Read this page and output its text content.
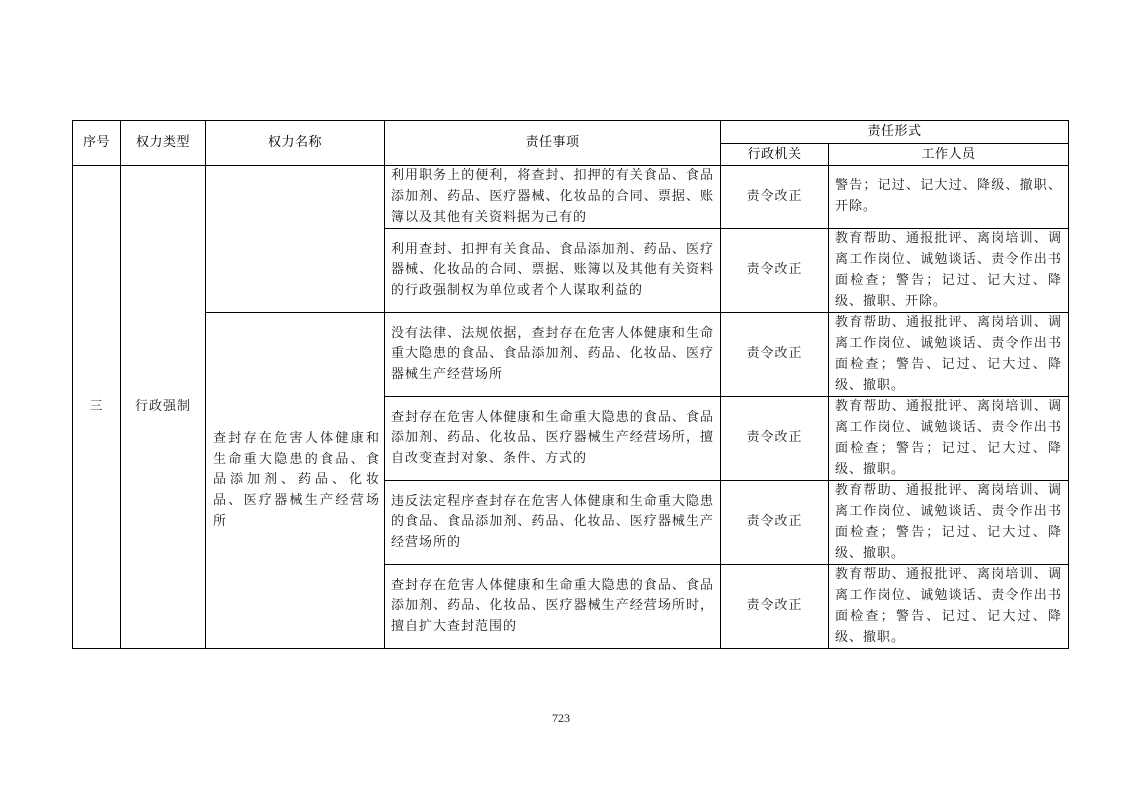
序号	权力类型	权力名称	责任事项	责任形式	
				行政机关	工作人员
三	行政强制		利用职务上的便利，将查封、扣押的有关食品、食品添加剂、药品、医疗器械、化妆品的合同、票据、账簿以及其他有关资料据为己有的	责令改正	警告；记过、记大过、降级、撤职、开除。
			利用查封、扣押有关食品、食品添加剂、药品、医疗器械、化妆品的合同、票据、账簿以及其他有关资料的行政强制权为单位或者个人谋取利益的	责令改正	教育帮助、通报批评、离岗培训、调离工作岗位、诚勉谈话、责令作出书面检查；警告；记过、记大过、降级、撤职、开除。
		查封存在危害人体健康和生命重大隐患的食品、食品添加剂、药品、化妆品、医疗器械生产经营场所	没有法律、法规依据，查封存在危害人体健康和生命重大隐患的食品、食品添加剂、药品、化妆品、医疗器械生产经营场所	责令改正	教育帮助、通报批评、离岗培训、调离工作岗位、诚勉谈话、责令作出书面检查；警告、记过、记大过、降级、撤职。
			查封存在危害人体健康和生命重大隐患的食品、食品添加剂、药品、化妆品、医疗器械生产经营场所，擅自改变查封对象、条件、方式的	责令改正	教育帮助、通报批评、离岗培训、调离工作岗位、诚勉谈话、责令作出书面检查；警告；记过、记大过、降级、撤职。
			违反法定程序查封存在危害人体健康和生命重大隐患的食品、食品添加剂、药品、化妆品、医疗器械生产经营场所的	责令改正	教育帮助、通报批评、离岗培训、调离工作岗位、诚勉谈话、责令作出书面检查；警告；记过、记大过、降级、撤职。
			查封存在危害人体健康和生命重大隐患的食品、食品添加剂、药品、化妆品、医疗器械生产经营场所时，擅自扩大查封范围的	责令改正	教育帮助、通报批评、离岗培训、调离工作岗位、诚勉谈话、责令作出书面检查；警告、记过、记大过、降级、撤职。
723
